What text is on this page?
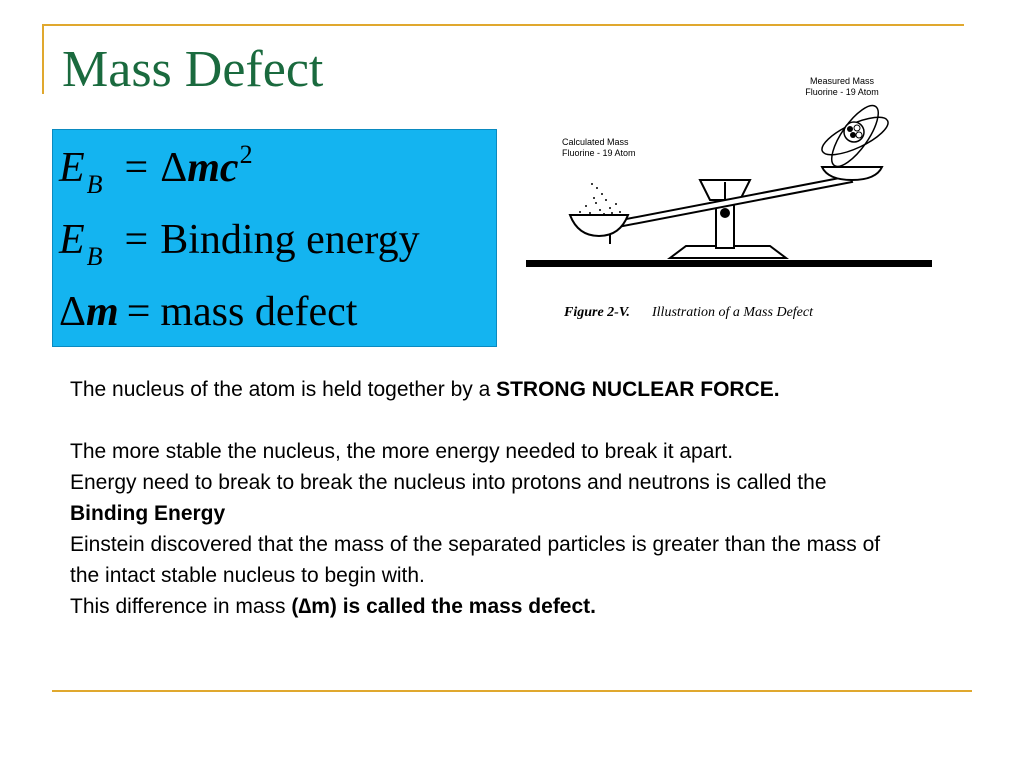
Mass Defect
$E_B = \Delta mc^2$
$E_B$ = Binding energy
Δm = mass defect
Measured Mass
Fluorine - 19 Atom
Calculated Mass
Fluorine - 19 Atom
Figure 2-V. Illustration of a Mass Defect

The nucleus of the atom is held together by a STRONG NUCLEAR FORCE.

The more stable the nucleus, the more energy needed to break it apart.

Energy need to break to break the nucleus into protons and neutrons is called the Binding Energy

Einstein discovered that the mass of the separated particles is greater than the mass of the intact stable nucleus to begin with.

This difference in mass (∆m) is called the mass defect.
